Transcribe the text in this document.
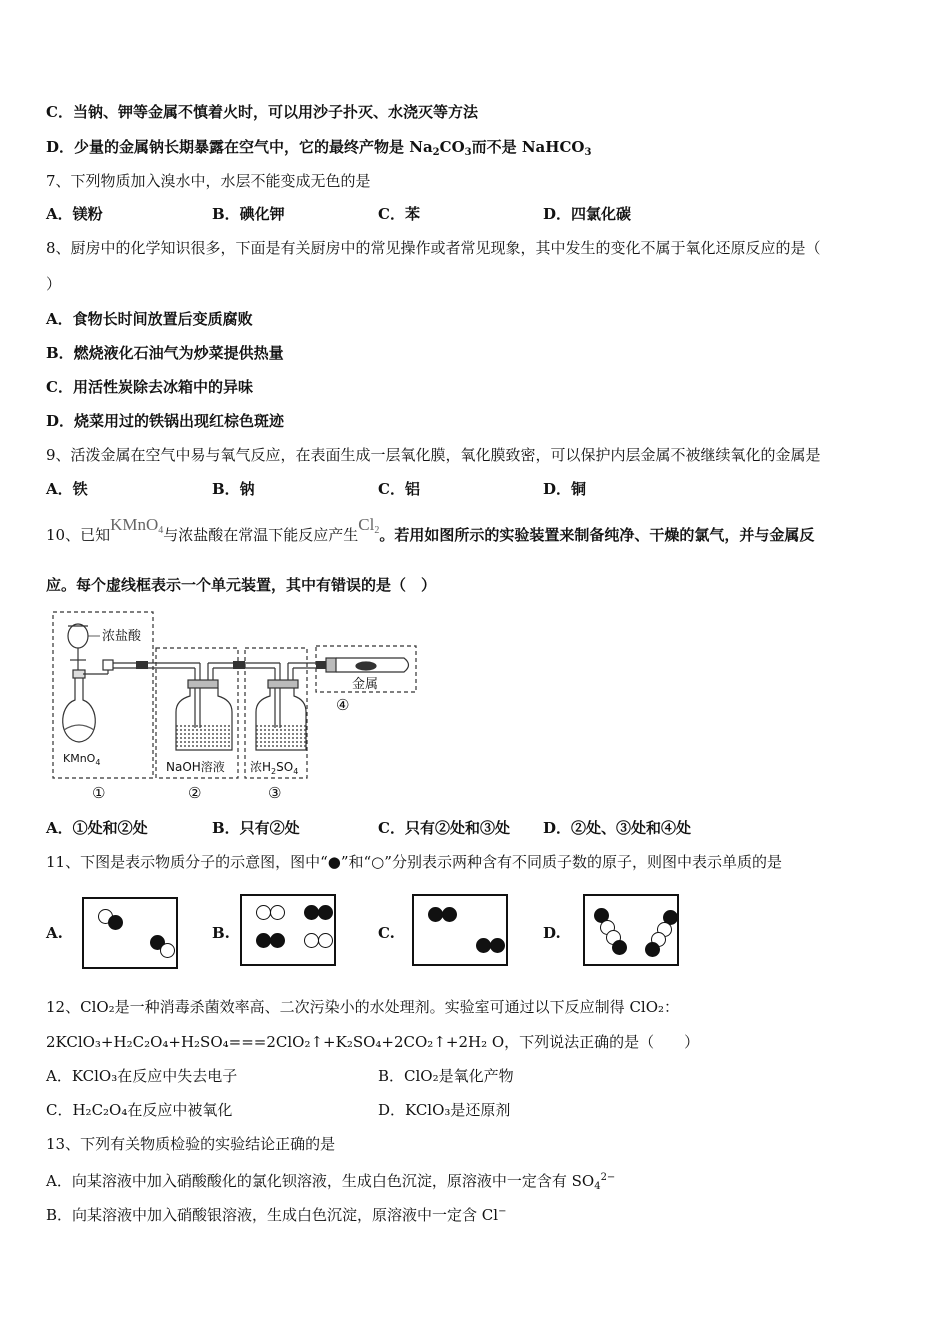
C．当钠、钾等金属不慎着火时，可以用沙子扑灭、水浇灭等方法
D．少量的金属钠长期暴露在空气中，它的最终产物是 $Na_2CO_3$而不是 NaHCO$_3$
7、下列物质加入溴水中，水层不能变成无色的是
A．镁粉	B．碘化钾	C．苯	D．四氯化碳
8、厨房中的化学知识很多，下面是有关厨房中的常见操作或者常见现象，其中发生的变化不属于氧化还原反应的是（
）
A．食物长时间放置后变质腐败
B．燃烧液化石油气为炒菜提供热量
C．用活性炭除去冰箱中的异味
D．烧菜用过的铁锅出现红棕色斑迹
9、活泼金属在空气中易与氧气反应，在表面生成一层氧化膜，氧化膜致密，可以保护内层金属不被继续氧化的金属是
A．铁	B．钠	C．铝	D．铜
10、已知KMnO$_4$与浓盐酸在常温下能反应产生$Cl_2$。若用如图所示的实验装置来制备纯净、干燥的氯气，并与金属反
应。每个虚线框表示一个单元装置，其中有错误的是（　）
浓盐酸
KMnO$_4$	NaOH溶液 浓$H_2SO_4$
金属
①	②	③
④
A．①处和②处	B．只有②处	C．只有②处和③处 D．②处、③处和④处
11、下图是表示物质分子的示意图，图中“●”和“○”分别表示两种含有不同质子数的原子，则图中表示单质的是
A.	B.	C.	D.
12、ClO₂是一种消毒杀菌效率高、二次污染小的水处理剂。实验室可通过以下反应制得 ClO₂：
2KClO₃+H₂C₂O₄+H₂SO₄===2ClO₂↑+K₂SO₄+2CO₂↑+2H₂ O，下列说法正确的是（　　）
A．KClO₃在反应中失去电子	B．ClO₂是氧化产物
C．H₂C₂O₄在反应中被氧化	D．KClO₃是还原剂
13、下列有关物质检验的实验结论正确的是
A．向某溶液中加入硝酸酸化的氯化钡溶液，生成白色沉淀，原溶液中一定含有 $SO_4^{2-}$
B．向某溶液中加入硝酸银溶液，生成白色沉淀，原溶液中一定含 Cl−
